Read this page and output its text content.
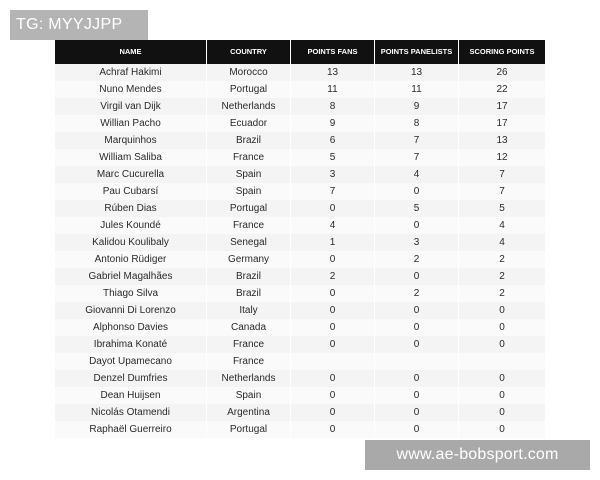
TG: MYYJJPP
NAME	COUNTRY	POINTS FANS	POINTS PANELISTS	SCORING POINTS
Achraf Hakimi	Morocco	13	13	26
Nuno Mendes	Portugal	11	11	22
Virgil van Dijk	Netherlands	8	9	17
Willian Pacho	Ecuador	9	8	17
Marquinhos	Brazil	6	7	13
William Saliba	France	5	7	12
Marc Cucurella	Spain	3	4	7
Pau Cubarsí	Spain	7	0	7
Rúben Dias	Portugal	0	5	5
Jules Koundé	France	4	0	4
Kalidou Koulibaly	Senegal	1	3	4
Antonio Rüdiger	Germany	0	2	2
Gabriel Magalhães	Brazil	2	0	2
Thiago Silva	Brazil	0	2	2
Giovanni Di Lorenzo	Italy	0	0	0
Alphonso Davies	Canada	0	0	0
Ibrahima Konaté	France	0	0	0
Dayot Upamecano	France			
Denzel Dumfries	Netherlands	0	0	0
Dean Huijsen	Spain	0	0	0
Nicolás Otamendi	Argentina	0	0	0
Raphaël Guerreiro	Portugal	0	0	0
www.ae-bobsport.com
